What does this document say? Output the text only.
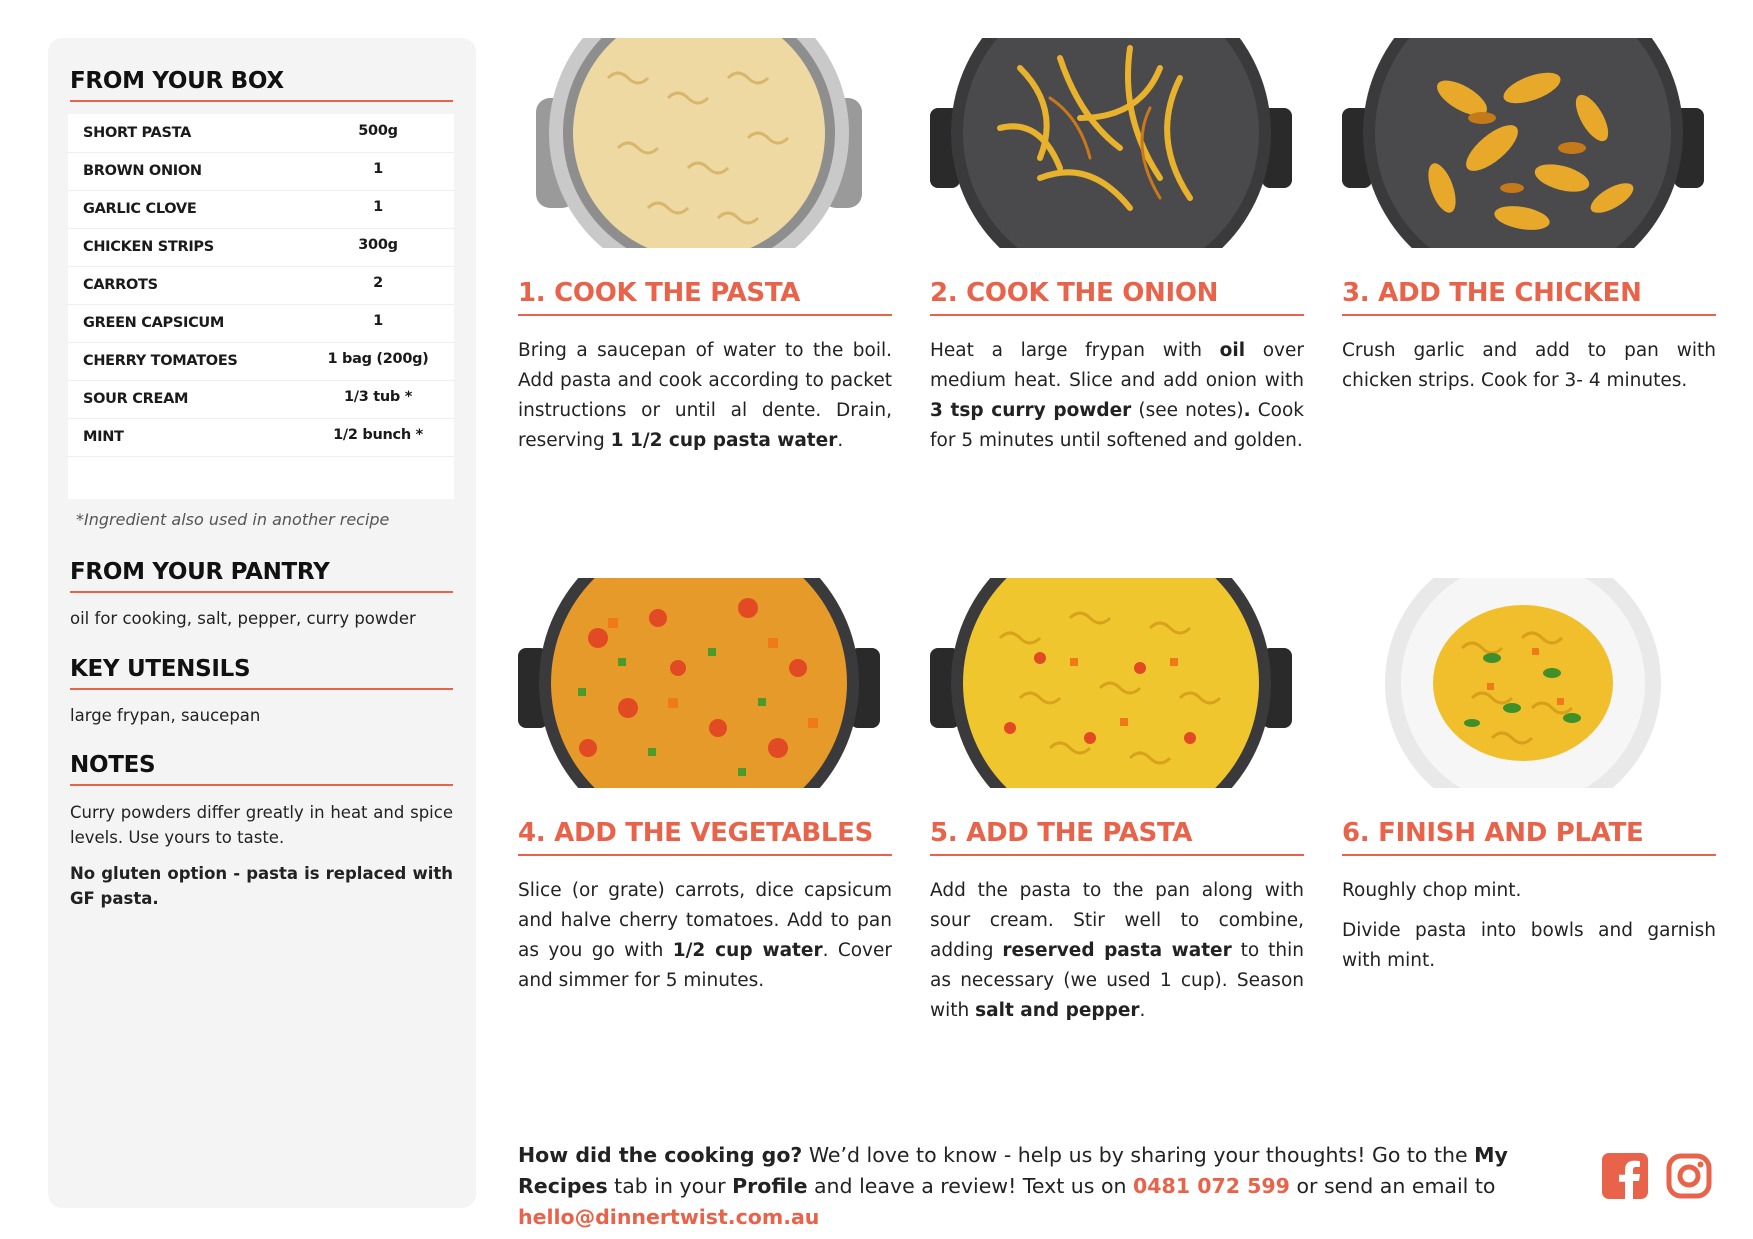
FROM YOUR BOX
SHORT PASTA	500g
BROWN ONION	1
GARLIC CLOVE	1
CHICKEN STRIPS	300g
CARROTS	2
GREEN CAPSICUM	1
CHERRY TOMATOES	1 bag (200g)
SOUR CREAM	1/3 tub *
MINT	1/2 bunch *
*Ingredient also used in another recipe
FROM YOUR PANTRY
oil for cooking, salt, pepper, curry powder
KEY UTENSILS
large frypan, saucepan
NOTES
Curry powders differ greatly in heat and spice levels. Use yours to taste.
No gluten option - pasta is replaced with GF pasta.
1. COOK THE PASTA
Bring a saucepan of water to the boil. Add pasta and cook according to packet instructions or until al dente. Drain, reserving 1 1/2 cup pasta water.
2. COOK THE ONION
Heat a large frypan with oil over medium heat. Slice and add onion with 3 tsp curry powder (see notes). Cook for 5 minutes until softened and golden.
3. ADD THE CHICKEN
Crush garlic and add to pan with chicken strips. Cook for 3- 4 minutes.
4. ADD THE VEGETABLES
Slice (or grate) carrots, dice capsicum and halve cherry tomatoes. Add to pan as you go with 1/2 cup water. Cover and simmer for 5 minutes.
5. ADD THE PASTA
Add the pasta to the pan along with sour cream. Stir well to combine, adding reserved pasta water to thin as necessary (we used 1 cup). Season with salt and pepper.
6. FINISH AND PLATE

Roughly chop mint.

Divide pasta into bowls and garnish with mint.

How did the cooking go? We’d love to know - help us by sharing your thoughts! Go to the My Recipes tab in your Profile and leave a review! Text us on 0481 072 599 or send an email to hello@dinnertwist.com.au
